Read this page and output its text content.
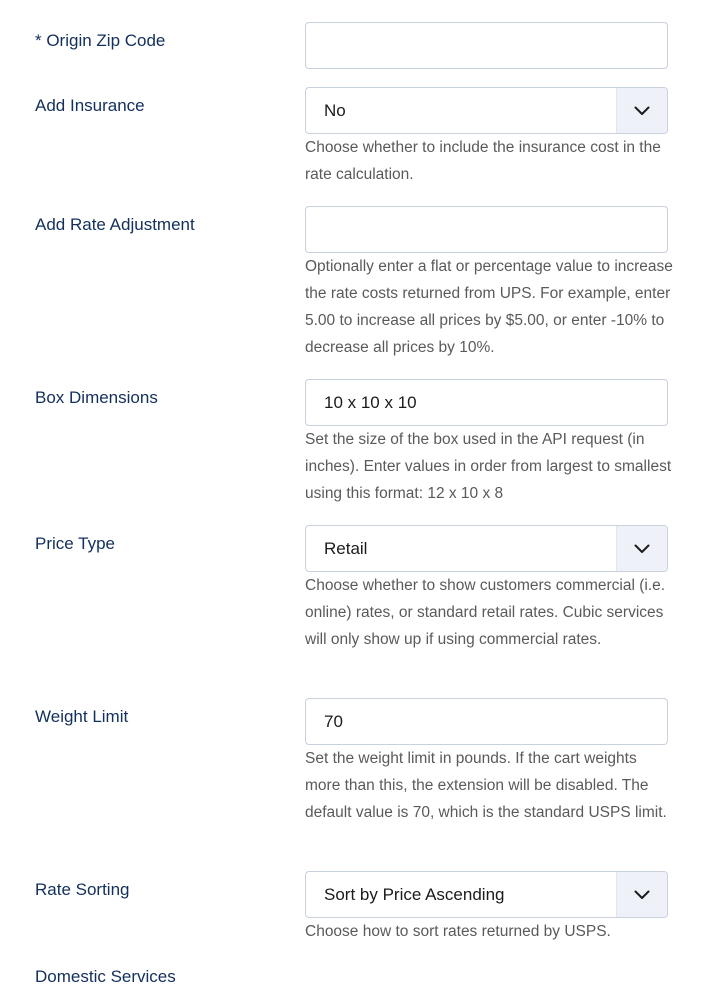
* Origin Zip Code
Add Insurance	No
Choose whether to include the insurance cost in the rate calculation.
Add Rate Adjustment
Optionally enter a flat or percentage value to increase the rate costs returned from UPS. For example, enter 5.00 to increase all prices by $5.00, or enter -10% to decrease all prices by 10%.
Box Dimensions	10 x 10 x 10
Set the size of the box used in the API request (in inches). Enter values in order from largest to smallest using this format: 12 x 10 x 8
Price Type	Retail
Choose whether to show customers commercial (i.e. online) rates, or standard retail rates. Cubic services will only show up if using commercial rates.
Weight Limit	70
Set the weight limit in pounds. If the cart weights more than this, the extension will be disabled. The default value is 70, which is the standard USPS limit.
Rate Sorting	Sort by Price Ascending
Choose how to sort rates returned by USPS.
Domestic Services
